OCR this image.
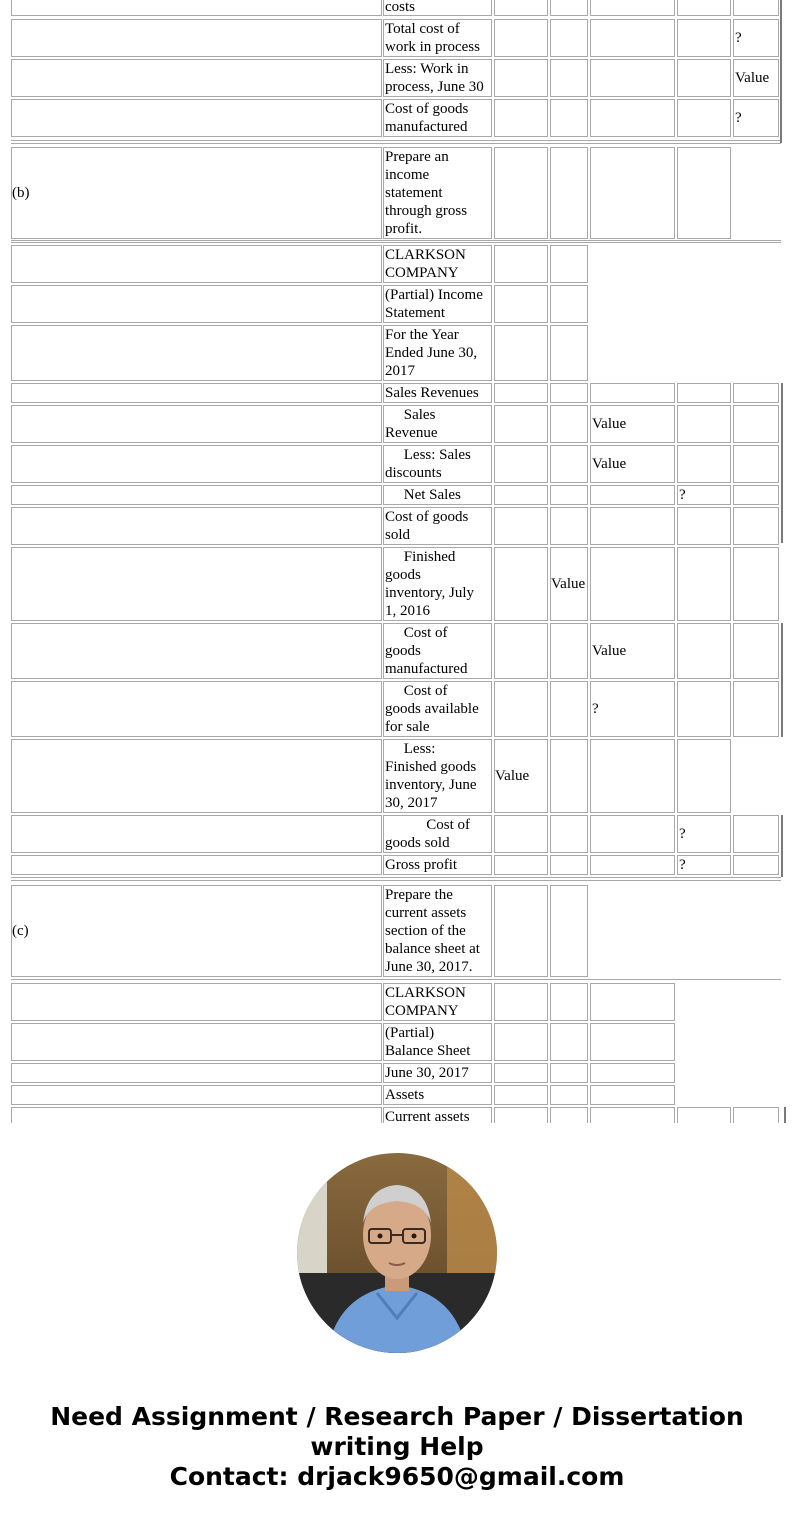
costs
Total cost of
work in process
?
Less: Work in
process, June 30
Value
Cost of goods
manufactured
?
(b)
Prepare an
income
statement
through gross
profit.
CLARKSON
COMPANY
(Partial) Income
Statement
For the Year
Ended June 30,
2017
Sales Revenues
Sales
Revenue
Value
Less: Sales
discounts
Value
Net Sales	?
Cost of goods
sold
Finished
goods
inventory, July
1, 2016
Value
Cost of
goods
manufactured
Value
Cost of
goods available
for sale
?
Less:
Finished goods
inventory, June
30, 2017
Value
Cost of
goods sold
?
Gross profit	?
(c)
Prepare the
current assets
section of the
balance sheet at
June 30, 2017.
CLARKSON
COMPANY
(Partial)
Balance Sheet
June 30, 2017
Assets
Current assets
Need Assignment / Research Paper / Dissertation
writing Help
Contact: drjack9650@gmail.com
